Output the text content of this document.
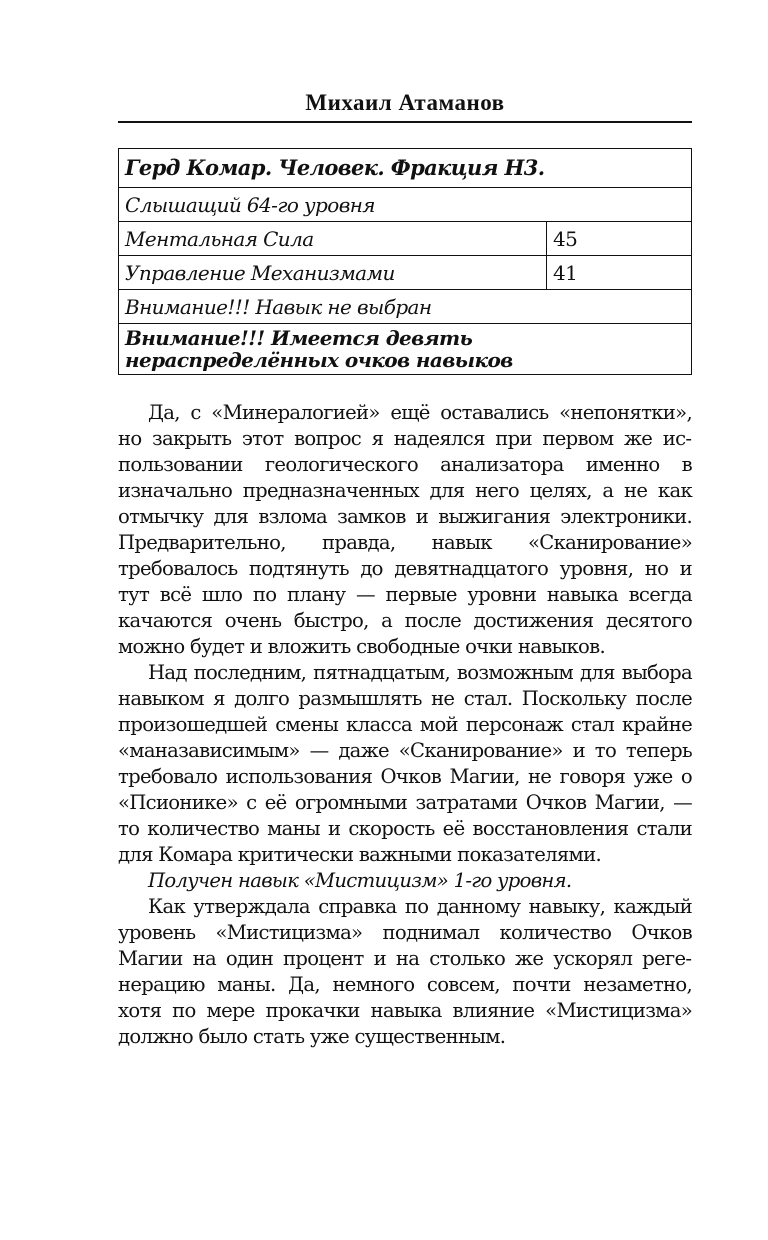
Михаил Атаманов
Герд Комар. Человек. Фракция Н3.	
Слышащий 64-го уровня	
Ментальная Сила	45
Управление Механизмами	41
Внимание!!! Навык не выбран	
Внимание!!! Имеется девять нераспределённых очков навыков	

Да, с «Минералогией» ещё оставались «непонятки», но закрыть этот вопрос я надеялся при первом же использовании геологического анализатора именно в изначально предназначенных для него целях, а не как отмычку для взлома замков и выжигания электроники. Предварительно, правда, навык «Сканирование» требовалось подтянуть до девятнадцатого уровня, но и тут всё шло по плану — первые уровни навыка всегда качаются очень быстро, а после достижения десятого можно будет и вложить свободные очки навыков.

Над последним, пятнадцатым, возможным для выбора навыком я долго размышлять не стал. Поскольку после произошедшей смены класса мой персонаж стал крайне «маназависимым» — даже «Сканирование» и то теперь требовало использования Очков Магии, не говоря уже о «Псионике» с её огромными затратами Очков Магии, — то количество маны и скорость её восстановления стали для Комара критически важными показателями.

Получен навык «Мистицизм» 1-го уровня.

Как утверждала справка по данному навыку, каждый уровень «Мистицизма» поднимал количество Очков Магии на один процент и на столько же ускорял регенерацию маны. Да, немного совсем, почти незаметно, хотя по мере прокачки навыка влияние «Мистицизма» должно было стать уже существенным.
